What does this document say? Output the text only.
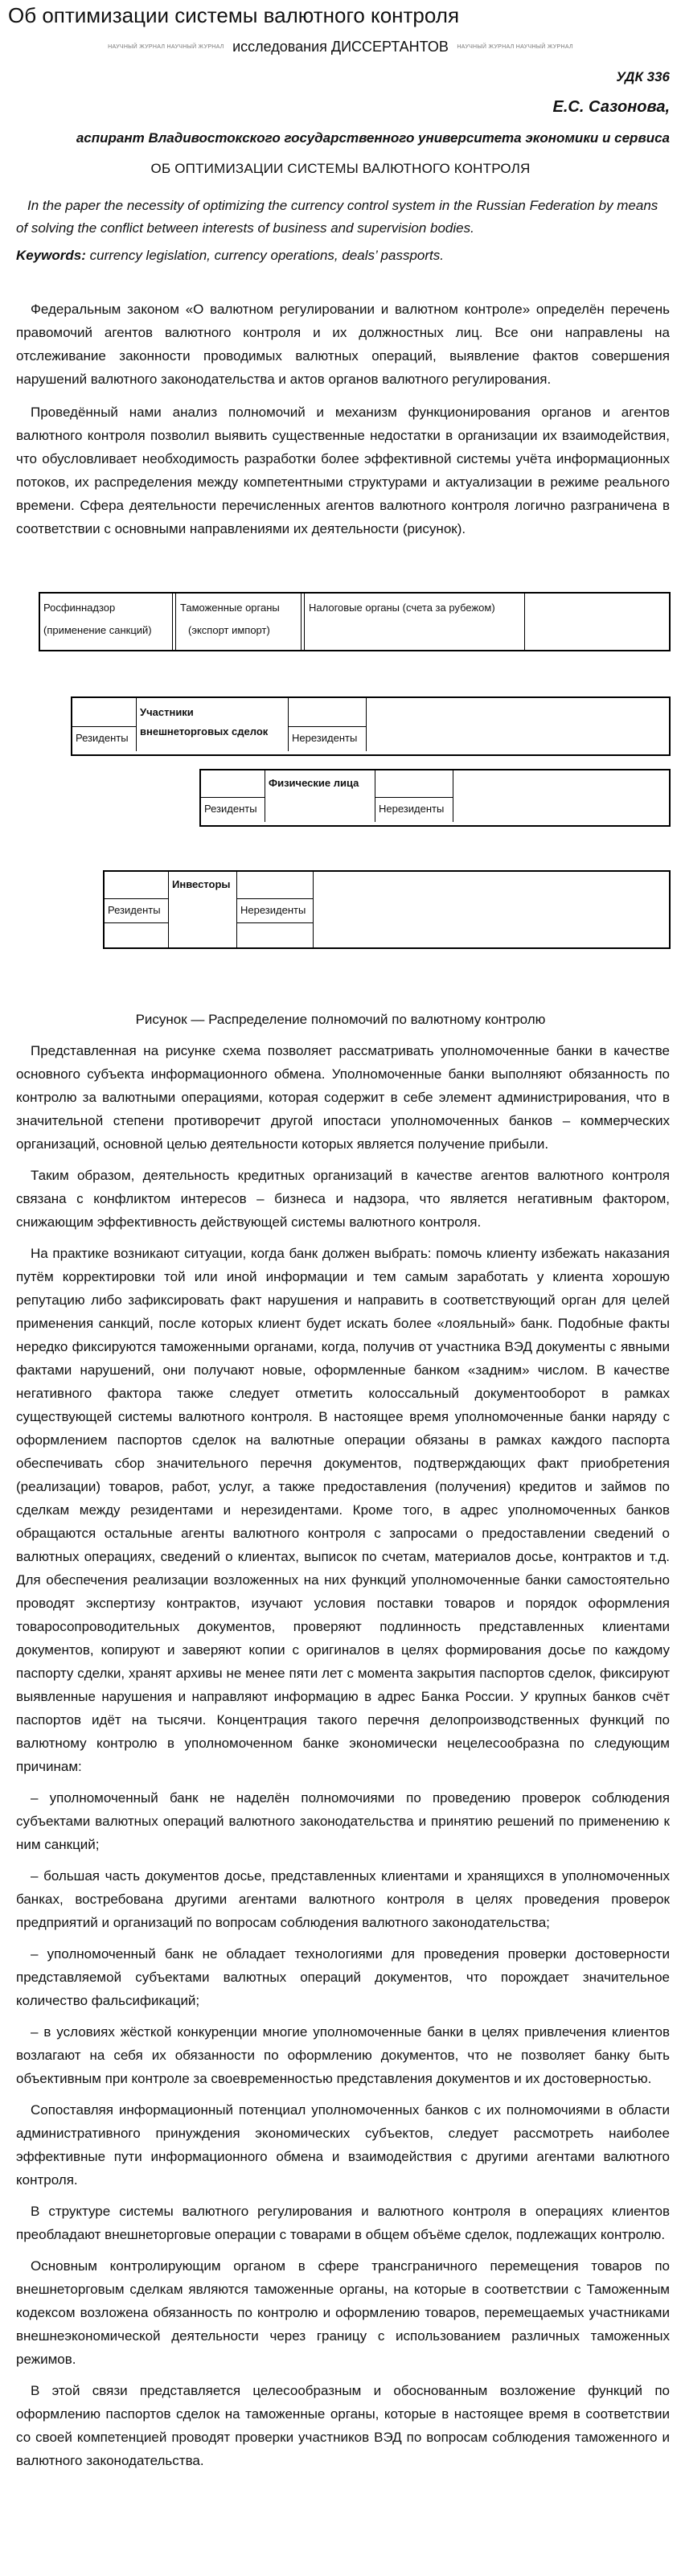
Об оптимизации системы валютного контроля
НАУЧНЫЙ ЖУРНАЛ НАУЧНЫЙ ЖУРНАЛ исследования ДИССЕРТАНТОВ НАУЧНЫЙ ЖУРНАЛ НАУЧНЫЙ ЖУРНАЛ
УДК 336
Е.С. Сазонова,
аспирант Владивостокского государственного университета экономики и сервиса
ОБ ОПТИМИЗАЦИИ СИСТЕМЫ ВАЛЮТНОГО КОНТРОЛЯ

In the paper the necessity of optimizing the currency control system in the Russian Federation by means of solving the conflict between interests of business and supervision bodies.

Keywords: currency legislation, currency operations, deals’ passports.

Федеральным законом «О валютном регулировании и валютном контроле» определён перечень правомочий агентов валютного контроля и их должностных лиц. Все они направлены на отслеживание законности проводимых валютных операций, выявление фактов совершения нарушений валютного законодательства и актов органов валютного регулирования.

Проведённый нами анализ полномочий и механизм функционирования органов и агентов валютного контроля позволил выявить существенные недостатки в организации их взаимодействия, что обусловливает необходимость разработки более эффективной системы учёта информационных потоков, их распределения между компетентными структурами и актуализации в режиме реального времени. Сфера деятельности перечисленных агентов валютного контроля логично разграничена в соответствии с основными направлениями их деятельности (рисунок).

Росфиннадзор
(применение санкций)
Таможенные органы
(экспорт импорт)
Налоговые органы (счета за рубежом)
Резиденты
Участники
внешнеторговых сделок
Нерезиденты
Резиденты
Физические лица
Нерезиденты
Резиденты
Инвесторы
Нерезиденты
Рисунок — Распределение полномочий по валютному контролю

Представленная на рисунке схема позволяет рассматривать уполномоченные банки в качестве основного субъекта информационного обмена. Уполномоченные банки выполняют обязанность по контролю за валютными операциями, которая содержит в себе элемент администрирования, что в значительной степени противоречит другой ипостаси уполномоченных банков – коммерческих организаций, основной целью деятельности которых является получение прибыли.

Таким образом, деятельность кредитных организаций в качестве агентов валютного контроля связана с конфликтом интересов – бизнеса и надзора, что является негативным фактором, снижающим эффективность действующей системы валютного контроля.

На практике возникают ситуации, когда банк должен выбрать: помочь клиенту избежать наказания путём корректировки той или иной информации и тем самым заработать у клиента хорошую репутацию либо зафиксировать факт нарушения и направить в соответствующий орган для целей применения санкций, после которых клиент будет искать более «лояльный» банк. Подобные факты нередко фиксируются таможенными органами, когда, получив от участника ВЭД документы с явными фактами нарушений, они получают новые, оформленные банком «задним» числом. В качестве негативного фактора также следует отметить колоссальный документооборот в рамках существующей системы валютного контроля. В настоящее время уполномоченные банки наряду с оформлением паспортов сделок на валютные операции обязаны в рамках каждого паспорта обеспечивать сбор значительного перечня документов, подтверждающих факт приобретения (реализации) товаров, работ, услуг, а также предоставления (получения) кредитов и займов по сделкам между резидентами и нерезидентами. Кроме того, в адрес уполномоченных банков обращаются остальные агенты валютного контроля с запросами о предоставлении сведений о валютных операциях, сведений о клиентах, выписок по счетам, материалов досье, контрактов и т.д. Для обеспечения реализации возложенных на них функций уполномоченные банки самостоятельно проводят экспертизу контрактов, изучают условия поставки товаров и порядок оформления товаросопроводительных документов, проверяют подлинность представленных клиентами документов, копируют и заверяют копии с оригиналов в целях формирования досье по каждому паспорту сделки, хранят архивы не менее пяти лет с момента закрытия паспортов сделок, фиксируют выявленные нарушения и направляют информацию в адрес Банка России. У крупных банков счёт паспортов идёт на тысячи. Концентрация такого перечня делопроизводственных функций по валютному контролю в уполномоченном банке экономически нецелесообразна по следующим причинам:

– уполномоченный банк не наделён полномочиями по проведению проверок соблюдения субъектами валютных операций валютного законодательства и принятию решений по применению к ним санкций;

– большая часть документов досье, представленных клиентами и хранящихся в уполномоченных банках, востребована другими агентами валютного контроля в целях проведения проверок предприятий и организаций по вопросам соблюдения валютного законодательства;

– уполномоченный банк не обладает технологиями для проведения проверки достоверности представляемой субъектами валютных операций документов, что порождает значительное количество фальсификаций;

– в условиях жёсткой конкуренции многие уполномоченные банки в целях привлечения клиентов возлагают на себя их обязанности по оформлению документов, что не позволяет банку быть объективным при контроле за своевременностью представления документов и их достоверностью.

Сопоставляя информационный потенциал уполномоченных банков с их полномочиями в области административного принуждения экономических субъектов, следует рассмотреть наиболее эффективные пути информационного обмена и взаимодействия с другими агентами валютного контроля.

В структуре системы валютного регулирования и валютного контроля в операциях клиентов преобладают внешнеторговые операции с товарами в общем объёме сделок, подлежащих контролю.

Основным контролирующим органом в сфере трансграничного перемещения товаров по внешнеторговым сделкам являются таможенные органы, на которые в соответствии с Таможенным кодексом возложена обязанность по контролю и оформлению товаров, перемещаемых участниками внешнеэкономической деятельности через границу с использованием различных таможенных режимов.

В этой связи представляется целесообразным и обоснованным возложение функций по оформлению паспортов сделок на таможенные органы, которые в настоящее время в соответствии со своей компетенцией проводят проверки участников ВЭД по вопросам соблюдения таможенного и валютного законодательства.
